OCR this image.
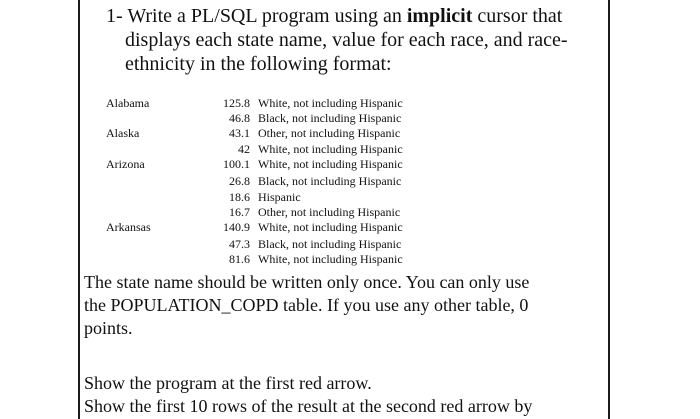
1- Write a PL/SQL program using an implicit cursor that
displays each state name, value for each race, and race-
ethnicity in the following format:
Alabama	125.8 White, not including Hispanic
46.8 Black, not including Hispanic
Alaska	43.1 Other, not including Hispanic
42 White, not including Hispanic
Arizona	100.1 White, not including Hispanic
26.8 Black, not including Hispanic
18.6 Hispanic
16.7 Other, not including Hispanic
Arkansas	140.9 White, not including Hispanic
47.3 Black, not including Hispanic
81.6 White, not including Hispanic
The state name should be written only once. You can only use
the POPULATION_COPD table. If you use any other table, 0
points.
Show the program at the first red arrow.
Show the first 10 rows of the result at the second red arrow by
